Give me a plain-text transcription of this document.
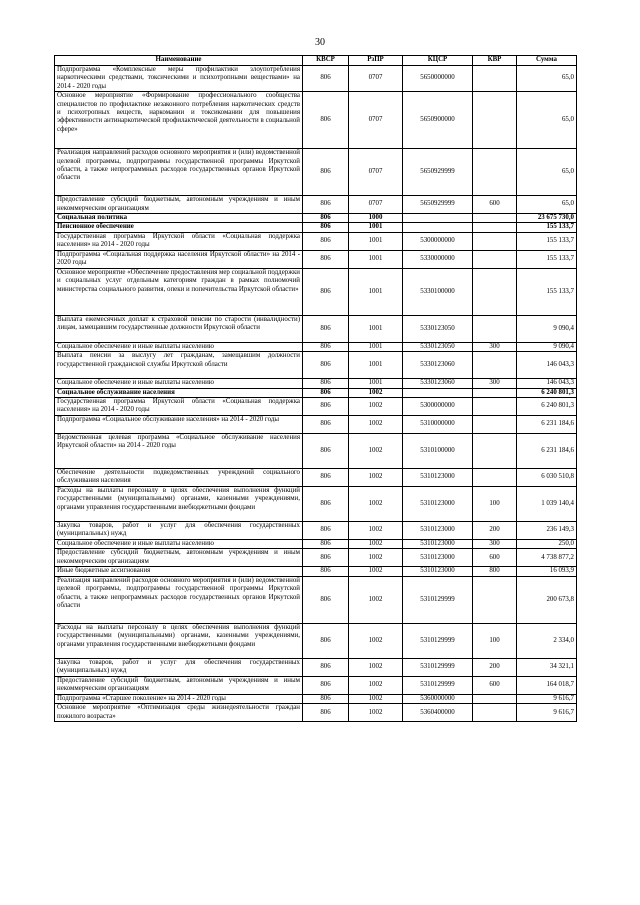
30
Наименование	КВСР	РзПР	КЦСР	КВР	Сумма
Подпрограмма «Комплексные меры профилактики злоупотребления наркотическими средствами, токсическими и психотропными веществами» на 2014 - 2020 годы	806	0707	5650000000		65,0
Основное мероприятие «Формирование профессионального сообщества специалистов по профилактике незаконного потребления наркотических средств и психотропных веществ, наркомании и токсикомании для повышения эффективности антинаркотической профилактической деятельности в социальной сфере»	806	0707	5650900000		65,0
Реализация направлений расходов основного мероприятия и (или) ведомственной целевой программы, подпрограммы государственной программы Иркутской области, а также непрограммных расходов государственных органов Иркутской области	806	0707	5650929999		65,0
Предоставление субсидий бюджетным, автономным учреждениям и иным некоммерческим организациям	806	0707	5650929999	600	65,0
Социальная политика	806	1000			23 675 730,0
Пенсионное обеспечение	806	1001			155 133,7
Государственная программа Иркутской области «Социальная поддержка населения» на 2014 - 2020 годы	806	1001	5300000000		155 133,7
Подпрограмма «Социальная поддержка населения Иркутской области» на 2014 - 2020 годы	806	1001	5330000000		155 133,7
Основное мероприятие «Обеспечение предоставления мер социальной поддержки и социальных услуг отдельным категориям граждан в рамках полномочий министерства социального развития, опеки и попечительства Иркутской области»	806	1001	5330100000		155 133,7
Выплата ежемесячных доплат к страховой пенсии по старости (инвалидности) лицам, замещавшим государственные должности Иркутской области	806	1001	5330123050		9 090,4
Социальное обеспечение и иные выплаты населению	806	1001	5330123050	300	9 090,4
Выплата пенсии за выслугу лет гражданам, замещавшим должности государственной гражданской службы Иркутской области	806	1001	5330123060		146 043,3
Социальное обеспечение и иные выплаты населению	806	1001	5330123060	300	146 043,3
Социальное обслуживание населения	806	1002			6 240 801,3
Государственная программа Иркутской области «Социальная поддержка населения» на 2014 - 2020 годы	806	1002	5300000000		6 240 801,3
Подпрограмма «Социальное обслуживание населения» на 2014 - 2020 годы	806	1002	5310000000		6 231 184,6
Ведомственная целевая программа «Социальное обслуживание населения Иркутской области» на 2014 - 2020 годы	806	1002	5310100000		6 231 184,6
Обеспечение деятельности подведомственных учреждений социального обслуживания населения	806	1002	5310123000		6 030 510,8
Расходы на выплаты персоналу в целях обеспечения выполнения функций государственными (муниципальными) органами, казенными учреждениями, органами управления государственными внебюджетными фондами	806	1002	5310123000	100	1 039 140,4
Закупка товаров, работ и услуг для обеспечения государственных (муниципальных) нужд	806	1002	5310123000	200	236 149,3
Социальное обеспечение и иные выплаты населению	806	1002	5310123000	300	250,0
Предоставление субсидий бюджетным, автономным учреждениям и иным некоммерческим организациям	806	1002	5310123000	600	4 738 877,2
Иные бюджетные ассигнования	806	1002	5310123000	800	16 093,9
Реализация направлений расходов основного мероприятия и (или) ведомственной целевой программы, подпрограммы государственной программы Иркутской области, а также непрограммных расходов государственных органов Иркутской области	806	1002	5310129999		200 673,8
Расходы на выплаты персоналу в целях обеспечения выполнения функций государственными (муниципальными) органами, казенными учреждениями, органами управления государственными внебюджетными фондами	806	1002	5310129999	100	2 334,0
Закупка товаров, работ и услуг для обеспечения государственных (муниципальных) нужд	806	1002	5310129999	200	34 321,1
Предоставление субсидий бюджетным, автономным учреждениям и иным некоммерческим организациям	806	1002	5310129999	600	164 018,7
Подпрограмма «Старшее поколение» на 2014 - 2020 годы	806	1002	5360000000		9 616,7
Основное мероприятие «Оптимизация среды жизнедеятельности граждан пожилого возраста»	806	1002	5360400000		9 616,7
